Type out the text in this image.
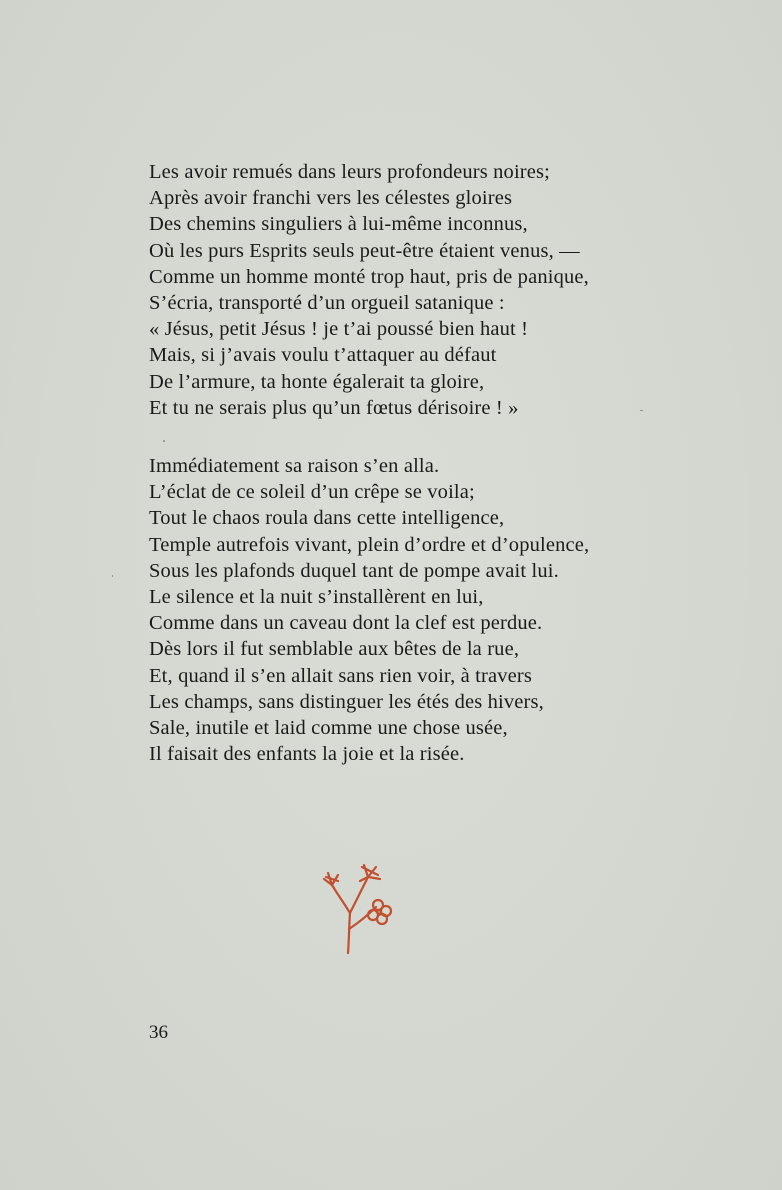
Les avoir remués dans leurs profondeurs noires;
Après avoir franchi vers les célestes gloires
Des chemins singuliers à lui-même inconnus,
Où les purs Esprits seuls peut-être étaient venus, —
Comme un homme monté trop haut, pris de panique,
S’écria, transporté d’un orgueil satanique :
« Jésus, petit Jésus ! je t’ai poussé bien haut !
Mais, si j’avais voulu t’attaquer au défaut
De l’armure, ta honte égalerait ta gloire,
Et tu ne serais plus qu’un fœtus dérisoire ! »
Immédiatement sa raison s’en alla.
L’éclat de ce soleil d’un crêpe se voila;
Tout le chaos roula dans cette intelligence,
Temple autrefois vivant, plein d’ordre et d’opulence,
Sous les plafonds duquel tant de pompe avait lui.
Le silence et la nuit s’installèrent en lui,
Comme dans un caveau dont la clef est perdue.
Dès lors il fut semblable aux bêtes de la rue,
Et, quand il s’en allait sans rien voir, à travers
Les champs, sans distinguer les étés des hivers,
Sale, inutile et laid comme une chose usée,
Il faisait des enfants la joie et la risée.
36
